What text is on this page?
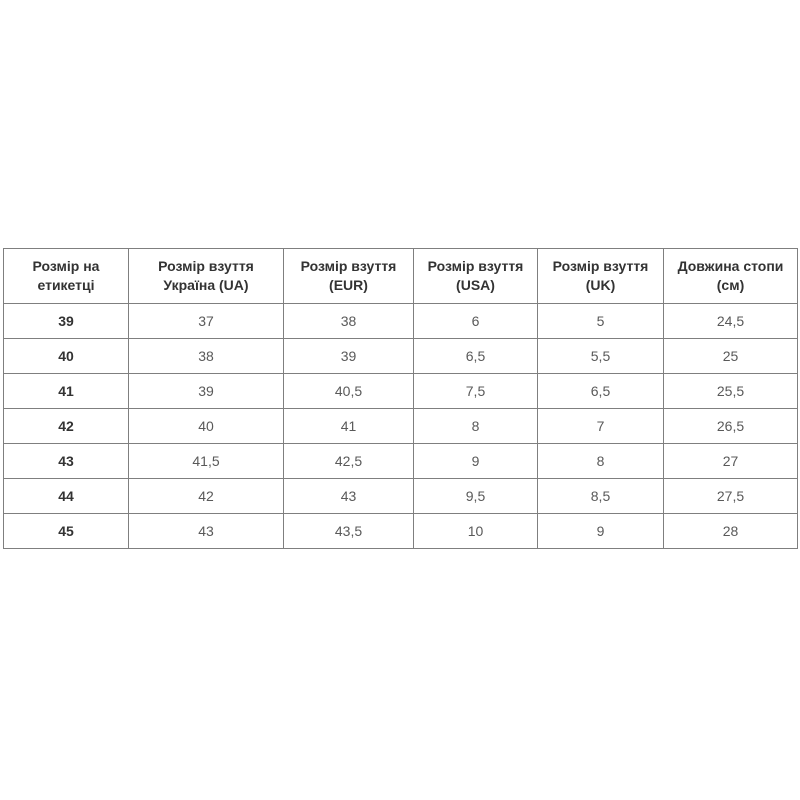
Розмір на етикетці	Розмір взуття Україна (UA)	Розмір взуття (EUR)	Розмір взуття (USA)	Розмір взуття (UK)	Довжина стопи (см)
39	37	38	6	5	24,5
40	38	39	6,5	5,5	25
41	39	40,5	7,5	6,5	25,5
42	40	41	8	7	26,5
43	41,5	42,5	9	8	27
44	42	43	9,5	8,5	27,5
45	43	43,5	10	9	28
